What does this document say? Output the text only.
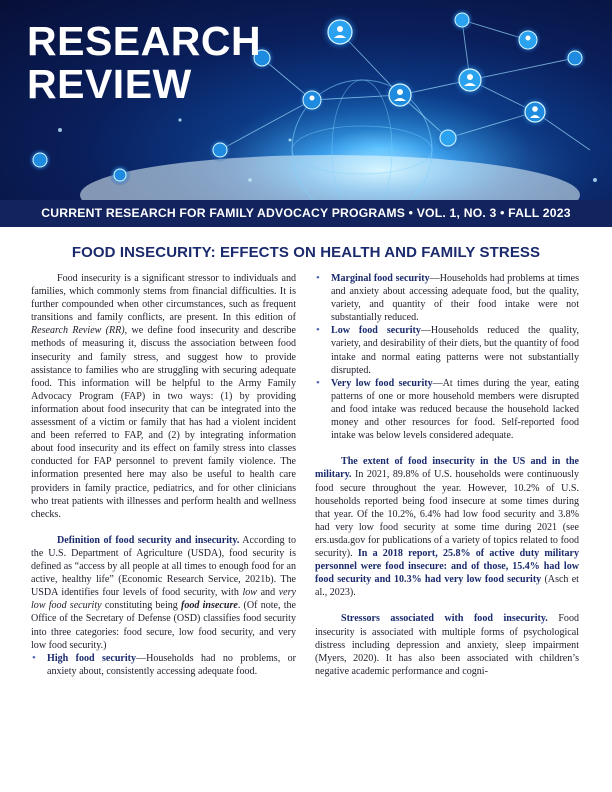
RESEARCH
REVIEW
CURRENT RESEARCH FOR FAMILY ADVOCACY PROGRAMS • VOL. 1, NO. 3 • FALL 2023
FOOD INSECURITY: EFFECTS ON HEALTH AND FAMILY STRESS

Food insecurity is a significant stressor to individuals and families, which commonly stems from financial difficulties. It is further compounded when other circumstances, such as frequent transitions and family conflicts, are present. In this edition of Research Review (RR), we define food insecurity and describe methods of measuring it, discuss the association between food insecurity and family stress, and suggest how to provide assistance to families who are struggling with securing adequate food. This information will be helpful to the Army Family Advocacy Program (FAP) in two ways: (1) by providing information about food insecurity that can be integrated into the assessment of a victim or family that has had a violent incident and been referred to FAP, and (2) by integrating information about food insecurity and its effect on family stress into classes conducted for FAP personnel to prevent family violence. The information presented here may also be useful to health care providers in family practice, pediatrics, and for other clinicians who treat patients with illnesses and perform health and wellness checks.

Definition of food security and insecurity. According to the U.S. Department of Agriculture (USDA), food security is defined as “access by all people at all times to enough food for an active, healthy life” (Economic Research Service, 2021b). The USDA identifies four levels of food security, with low and very low food security constituting being food insecure. (Of note, the Office of the Secretary of Defense (OSD) classifies food security into three categories: food secure, low food security, and very low food security.)

• High food security—Households had no problems, or anxiety about, consistently accessing adequate food.
• Marginal food security—Households had problems at times and anxiety about accessing adequate food, but the quality, variety, and quantity of their food intake were not substantially reduced.
• Low food security—Households reduced the quality, variety, and desirability of their diets, but the quantity of food intake and normal eating patterns were not substantially disrupted.
• Very low food security—At times during the year, eating patterns of one or more household members were disrupted and food intake was reduced because the household lacked money and other resources for food. Self-reported food intake was below levels considered adequate.

The extent of food insecurity in the US and in the military. In 2021, 89.8% of U.S. households were continuously food secure throughout the year. However, 10.2% of U.S. households reported being food insecure at some times during that year. Of the 10.2%, 6.4% had low food security and 3.8% had very low food security at some time during 2021 (see ers.usda.gov for publications of a variety of topics related to food security). In a 2018 report, 25.8% of active duty military personnel were food insecure: and of those, 15.4% had low food security and 10.3% had very low food security (Asch et al., 2023).

Stressors associated with food insecurity. Food insecurity is associated with multiple forms of psychological distress including depression and anxiety, sleep impairment (Myers, 2020). It has also been associated with children’s negative academic performance and cogni-
